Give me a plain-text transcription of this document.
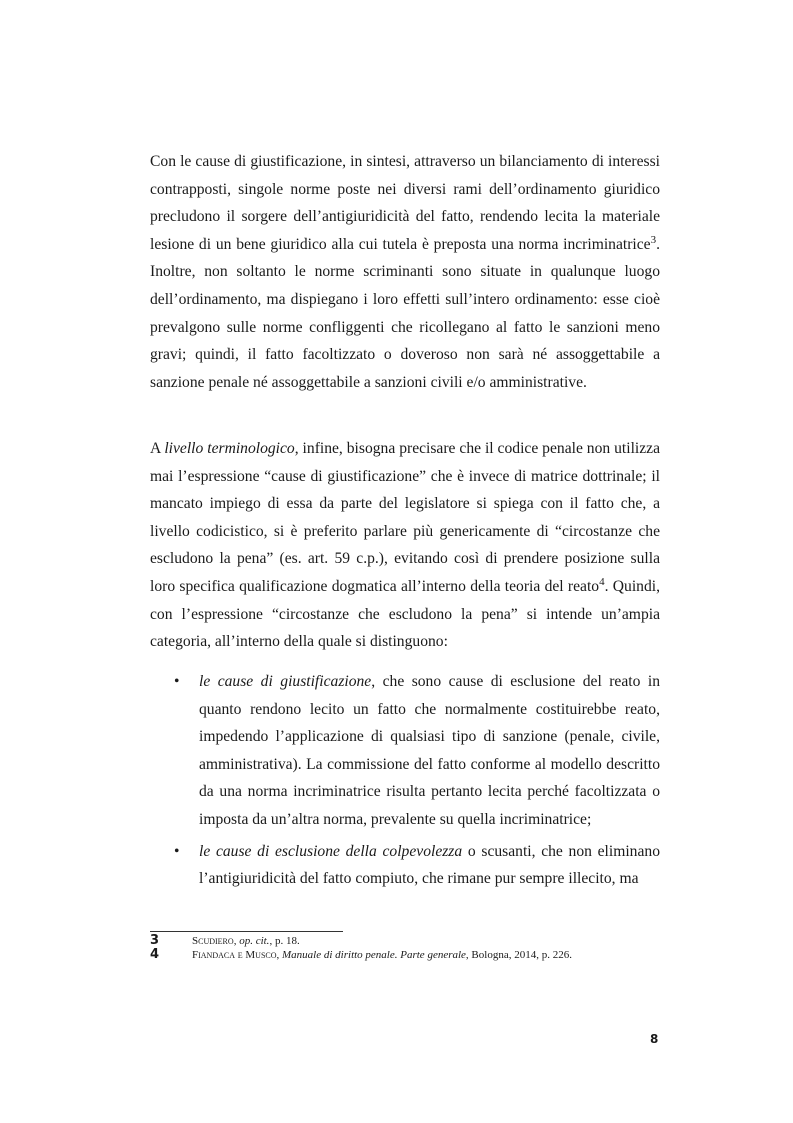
Con le cause di giustificazione, in sintesi, attraverso un bilanciamento di interessi contrapposti, singole norme poste nei diversi rami dell’ordinamento giuridico precludono il sorgere dell’antigiuridicità del fatto, rendendo lecita la materiale lesione di un bene giuridico alla cui tutela è preposta una norma incriminatrice$^3$. Inoltre, non soltanto le norme scriminanti sono situate in qualunque luogo dell’ordinamento, ma dispiegano i loro effetti sull’intero ordinamento: esse cioè prevalgono sulle norme confliggenti che ricollegano al fatto le sanzioni meno gravi; quindi, il fatto facoltizzato o doveroso non sarà né assoggettabile a sanzione penale né assoggettabile a sanzioni civili e/o amministrative.
A livello terminologico, infine, bisogna precisare che il codice penale non utilizza mai l’espressione “cause di giustificazione” che è invece di matrice dottrinale; il mancato impiego di essa da parte del legislatore si spiega con il fatto che, a livello codicistico, si è preferito parlare più genericamente di “circostanze che escludono la pena” (es. art. 59 c.p.), evitando così di prendere posizione sulla loro specifica qualificazione dogmatica all’interno della teoria del reato$^4$. Quindi, con l’espressione “circostanze che escludono la pena” si intende un’ampia categoria, all’interno della quale si distinguono:
• le cause di giustificazione, che sono cause di esclusione del reato in quanto rendono lecito un fatto che normalmente costituirebbe reato, impedendo l’applicazione di qualsiasi tipo di sanzione (penale, civile, amministrativa). La commissione del fatto conforme al modello descritto da una norma incriminatrice risulta pertanto lecita perché facoltizzata o imposta da un’altra norma, prevalente su quella incriminatrice;
• le cause di esclusione della colpevolezza o scusanti, che non eliminano l’antigiuridicità del fatto compiuto, che rimane pur sempre illecito, ma
3	Scudiero, op. cit., p. 18.
4	Fiandaca e Musco, Manuale di diritto penale. Parte generale, Bologna, 2014, p. 226.
8
